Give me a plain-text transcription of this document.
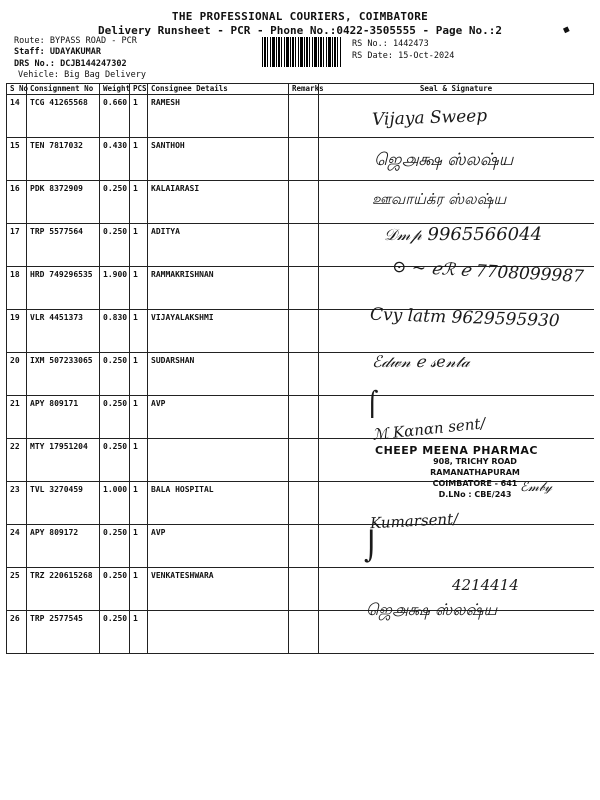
THE PROFESSIONAL COURIERS, COIMBATORE
Delivery Runsheet - PCR - Phone No.:0422-3505555 - Page No.:2
Route: BYPASS ROAD - PCR
Staff: UDAYAKUMAR
DRS No.: DCJB144247302
Vehicle: Big Bag Delivery
RS No.: 1442473
RS Date: 15-Oct-2024
◆
S No	Consignment No	Weight	PCS	Consignee Details	Remarks	Seal & Signature
14	TCG 41265568	0.660	1	RAMESH		
15	TEN 7817032	0.430	1	SANTHOH		
16	PDK 8372909	0.250	1	KALAIARASI		
17	TRP 5577564	0.250	1	ADITYA		
18	HRD 749296535	1.900	1	RAMMAKRISHNAN		
19	VLR 4451373	0.830	1	VIJAYALAKSHMI		
20	IXM 507233065	0.250	1	SUDARSHAN		
21	APY 809171	0.250	1	AVP		
22	MTY 17951204	0.250	1			
23	TVL 3270459	1.000	1	BALA HOSPITAL		
24	APY 809172	0.250	1	AVP		
25	TRZ 220615268	0.250	1	VENKATESHWARA		
26	TRP 2577545	0.250	1			
Vijaya Sweep
ஜெ௮க்ஷ ஸ்லஷ்ய
ஊவாய்க்ர ஸ்லஷ்ய
𝒟𝓂𝓅 9965566044
⊙ ~ ℯℛ ℯ 7708099987
Cvy latm 9629595930
ℰ𝒹𝓌𝓃 ℯ 𝓈𝑒𝓃𝓉𝒶
⌠
ℳ Kαnαn sent/
CHEEP MEENA PHARMAC
908, TRICHY ROAD
RAMANATHAPURAM
COIMBATORE - 641
D.LNo : CBE/243 ℰ𝓂𝒷𝓎
Kumarsent/
⌡
4214414
ஜெ௮க்ஷ ஸ்லஷ்ய
